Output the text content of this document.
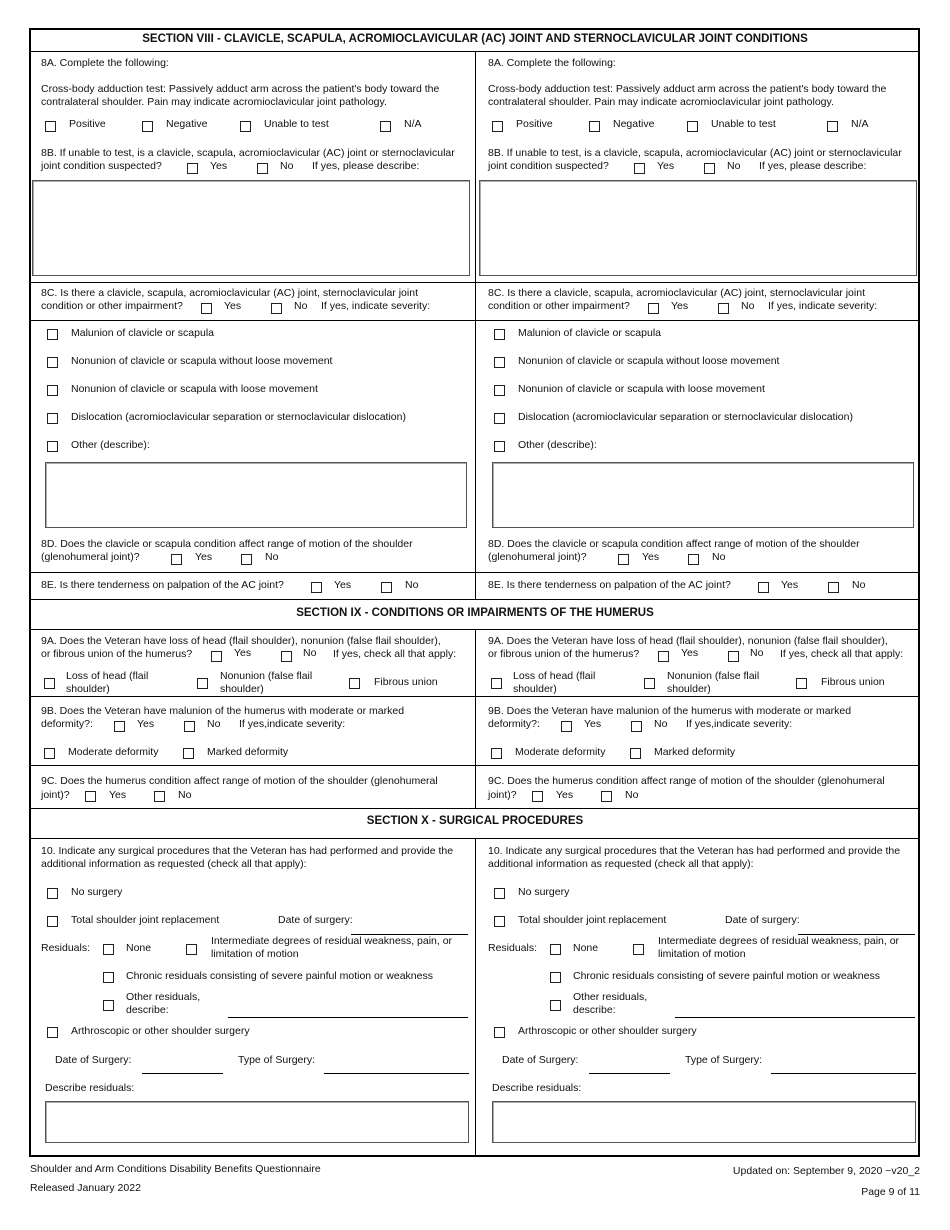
SECTION VIII - CLAVICLE, SCAPULA, ACROMIOCLAVICULAR (AC) JOINT AND STERNOCLAVICULAR JOINT CONDITIONS
SECTION IX - CONDITIONS OR IMPAIRMENTS OF THE HUMERUS
SECTION X - SURGICAL PROCEDURES
8A. Complete the following:
Cross-body adduction test: Passively adduct arm across the patient's body toward the
contralateral shoulder. Pain may indicate acromioclavicular joint pathology.
Positive	Negative	Unable to test	N/A
8B. If unable to test, is a clavicle, scapula, acromioclavicular (AC) joint or sternoclavicular
joint condition suspected?	Yes	No If yes, please describe:
8C. Is there a clavicle, scapula, acromioclavicular (AC) joint, sternoclavicular joint
condition or other impairment?	Yes	No If yes, indicate severity:
Malunion of clavicle or scapula
Nonunion of clavicle or scapula without loose movement
Nonunion of clavicle or scapula with loose movement
Dislocation (acromioclavicular separation or sternoclavicular dislocation)
Other (describe):
8D. Does the clavicle or scapula condition affect range of motion of the shoulder
(glenohumeral joint)?	Yes	No
8E. Is there tenderness on palpation of the AC joint?	Yes	No
9A. Does the Veteran have loss of head (flail shoulder), nonunion (false flail shoulder),
or fibrous union of the humerus?	Yes	No If yes, check all that apply:
Loss of head (flail
shoulder)
Nonunion (false flail
shoulder)
Fibrous union
9B. Does the Veteran have malunion of the humerus with moderate or marked
deformity?:	Yes	No If yes,indicate severity:
Moderate deformity	Marked deformity
9C. Does the humerus condition affect range of motion of the shoulder (glenohumeral
joint)?	Yes	No
10. Indicate any surgical procedures that the Veteran has had performed and provide the
additional information as requested (check all that apply):
No surgery
Total shoulder joint replacement	Date of surgery:
Residuals:	None
Intermediate degrees of residual weakness, pain, or
limitation of motion
Chronic residuals consisting of severe painful motion or weakness
Other residuals,
describe:
Arthroscopic or other shoulder surgery
Date of Surgery:	Type of Surgery:
Describe residuals:
8A. Complete the following:
Cross-body adduction test: Passively adduct arm across the patient's body toward the
contralateral shoulder. Pain may indicate acromioclavicular joint pathology.
Positive	Negative	Unable to test	N/A
8B. If unable to test, is a clavicle, scapula, acromioclavicular (AC) joint or sternoclavicular
joint condition suspected?	Yes	No If yes, please describe:
8C. Is there a clavicle, scapula, acromioclavicular (AC) joint, sternoclavicular joint
condition or other impairment?	Yes	No If yes, indicate severity:
Malunion of clavicle or scapula
Nonunion of clavicle or scapula without loose movement
Nonunion of clavicle or scapula with loose movement
Dislocation (acromioclavicular separation or sternoclavicular dislocation)
Other (describe):
8D. Does the clavicle or scapula condition affect range of motion of the shoulder
(glenohumeral joint)?	Yes	No
8E. Is there tenderness on palpation of the AC joint?	Yes	No
9A. Does the Veteran have loss of head (flail shoulder), nonunion (false flail shoulder),
or fibrous union of the humerus?	Yes	No If yes, check all that apply:
Loss of head (flail
shoulder)
Nonunion (false flail
shoulder)
Fibrous union
9B. Does the Veteran have malunion of the humerus with moderate or marked
deformity?:	Yes	No If yes,indicate severity:
Moderate deformity	Marked deformity
9C. Does the humerus condition affect range of motion of the shoulder (glenohumeral
joint)?	Yes	No
10. Indicate any surgical procedures that the Veteran has had performed and provide the
additional information as requested (check all that apply):
No surgery
Total shoulder joint replacement	Date of surgery:
Residuals:	None
Intermediate degrees of residual weakness, pain, or
limitation of motion
Chronic residuals consisting of severe painful motion or weakness
Other residuals,
describe:
Arthroscopic or other shoulder surgery
Date of Surgery:	Type of Surgery:
Describe residuals:
Shoulder and Arm Conditions Disability Benefits Questionnaire
Released January 2022
Updated on: September 9, 2020 ~v20_2
Page 9 of 11
